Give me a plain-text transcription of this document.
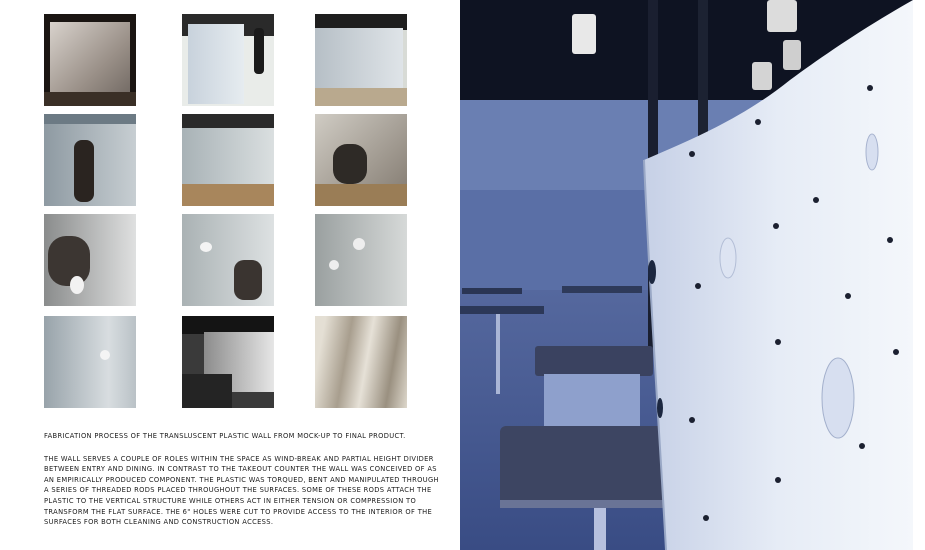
FABRICATION PROCESS OF THE TRANSLUSCENT PLASTIC WALL FROM MOCK-UP TO FINAL PRODUCT.

THE WALL SERVES A COUPLE OF ROLES WITHIN THE SPACE AS WIND-BREAK AND PARTIAL HEIGHT DIVIDER BETWEEN ENTRY AND DINING. IN CONTRAST TO THE TAKEOUT COUNTER THE WALL WAS CONCEIVED OF AS AN EMPIRICALLY PRODUCED COMPONENT. THE PLASTIC WAS TORQUED, BENT AND MANIPULATED THROUGH A SERIES OF THREADED RODS PLACED THROUGHOUT THE SURFACES. SOME OF THESE RODS ATTACH THE PLASTIC TO THE VERTICAL STRUCTURE WHILE OTHERS ACT IN EITHER TENSION OR COMPRESSION TO TRANSFORM THE FLAT SURFACE. THE 6" HOLES WERE CUT TO PROVIDE ACCESS TO THE INTERIOR OF THE SURFACES FOR BOTH CLEANING AND CONSTRUCTION ACCESS.
